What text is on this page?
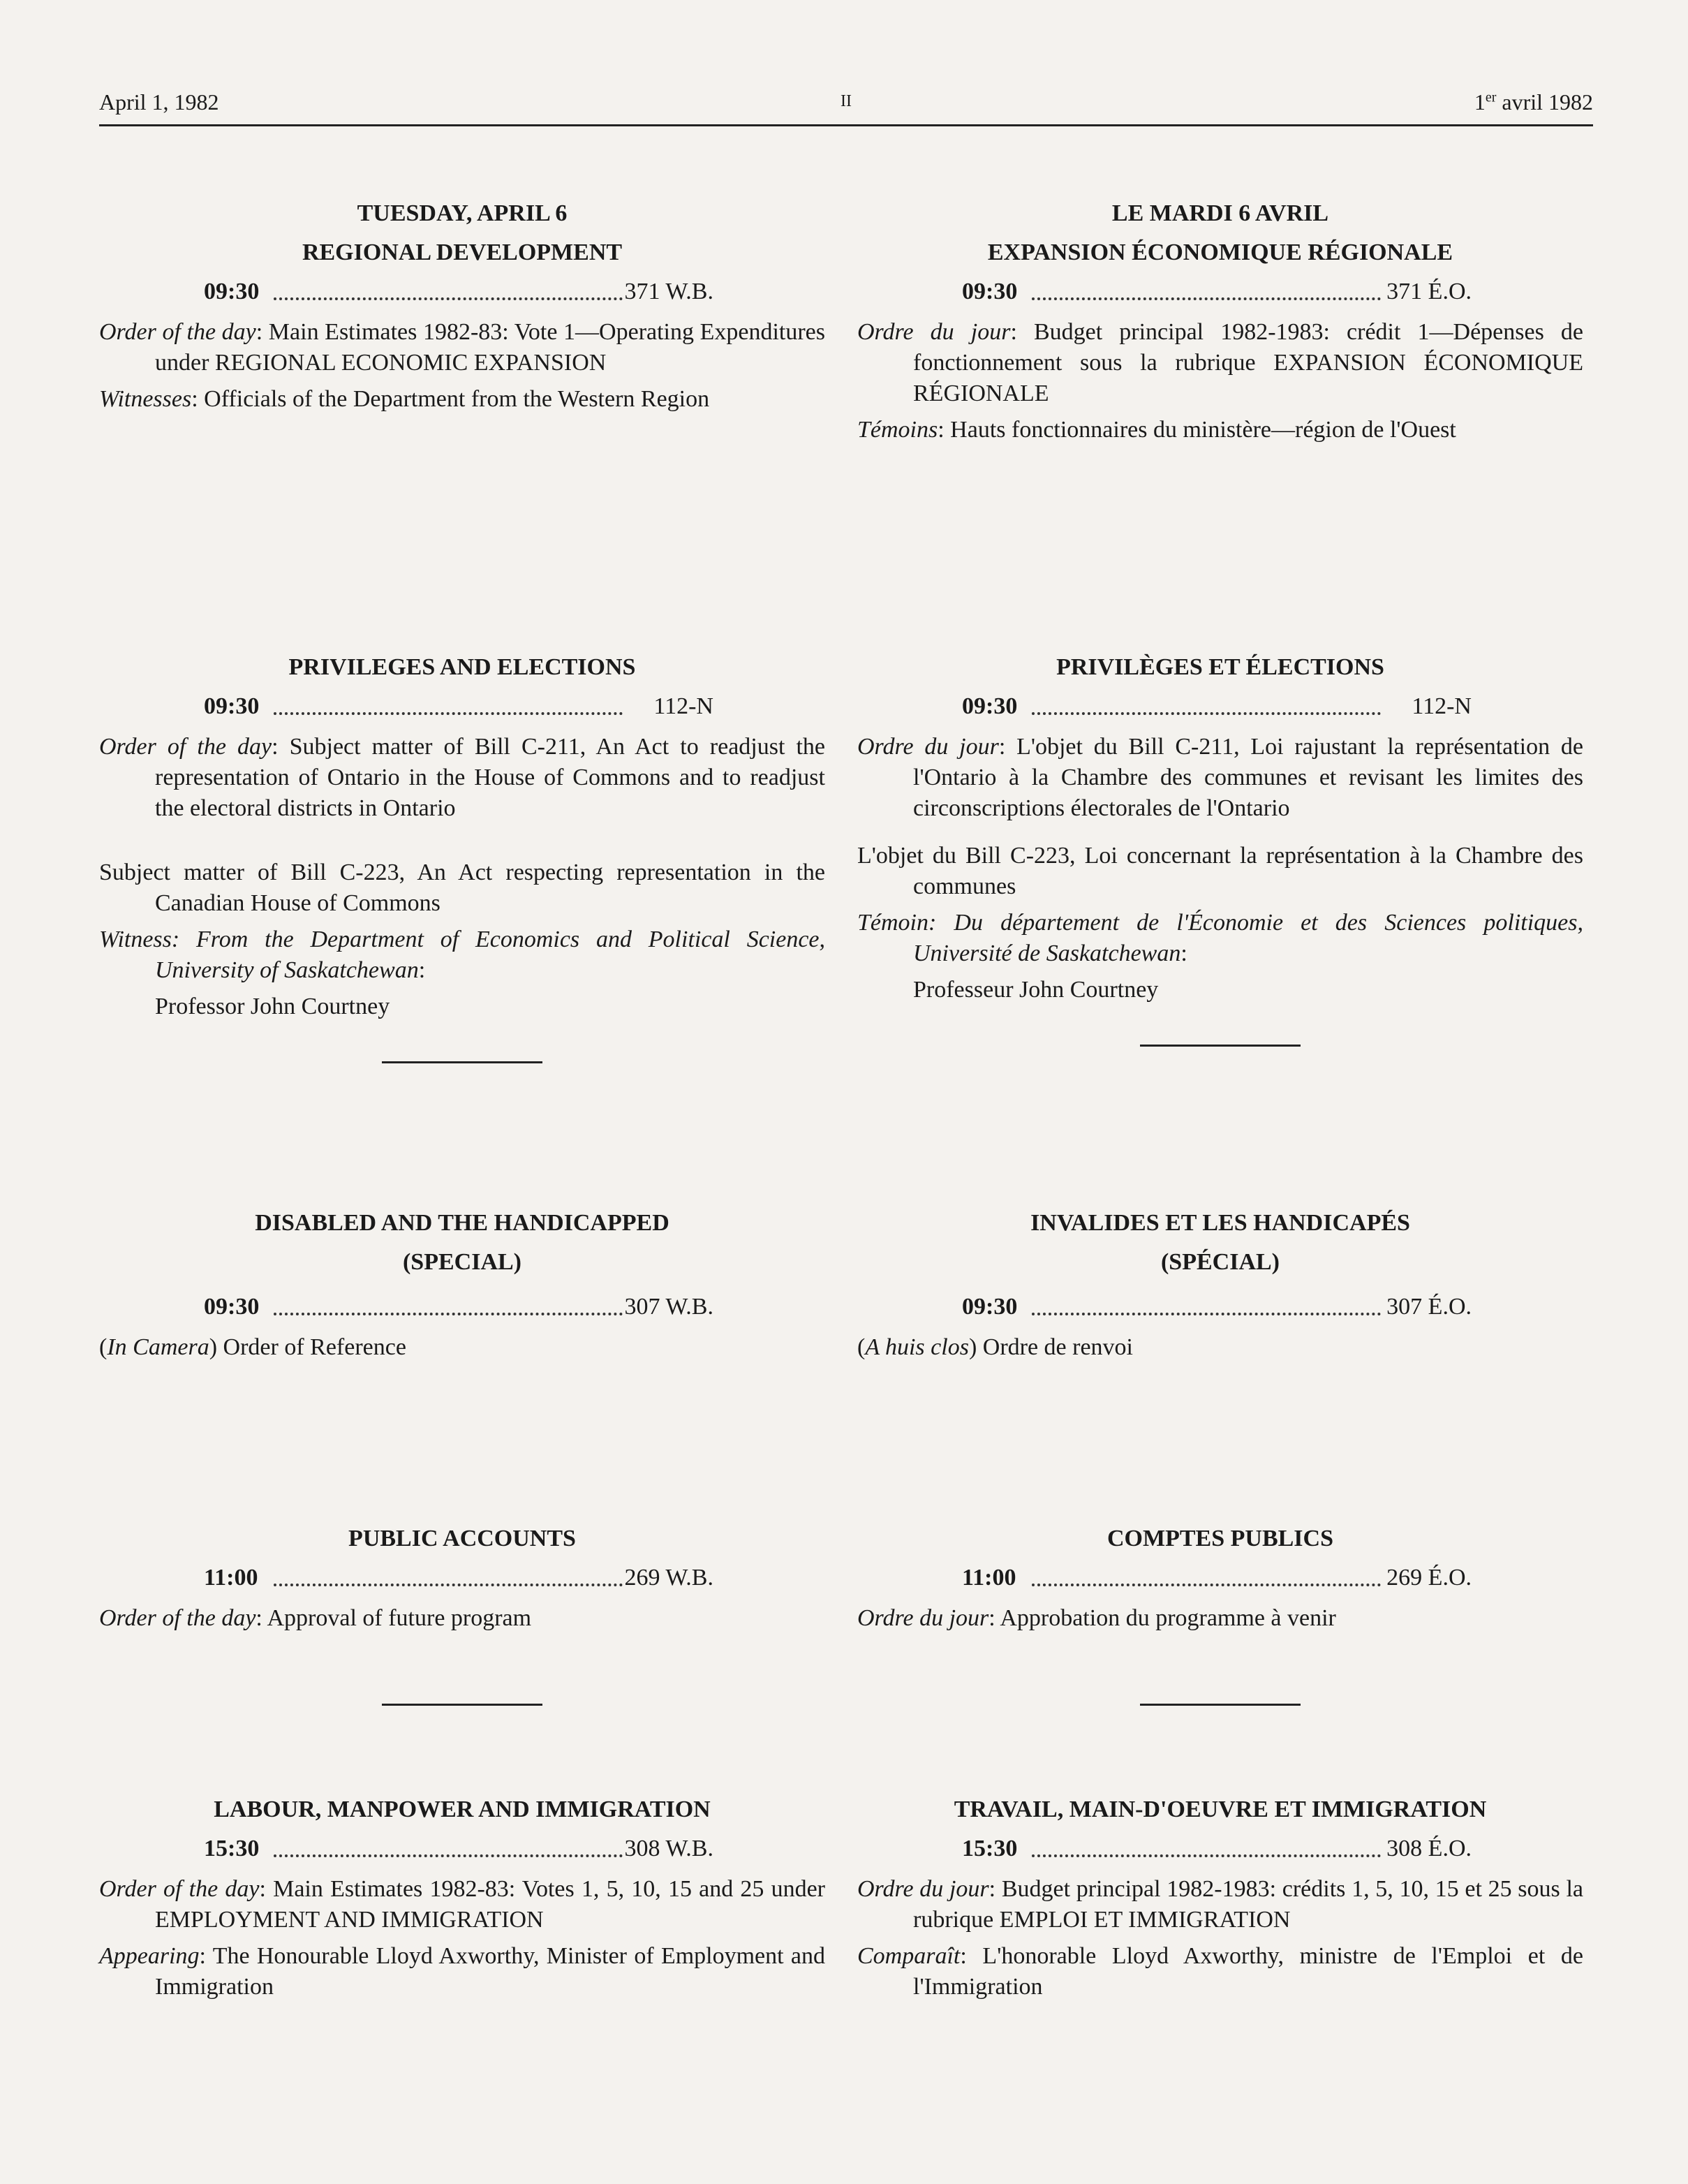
April 1, 1982	II	1er avril 1982
TUESDAY, APRIL 6
REGIONAL DEVELOPMENT
09:30	371 W.B.
Order of the day: Main Estimates 1982-83: Vote 1—Operating Expenditures under REGIONAL ECONOMIC EXPANSION
Witnesses: Officials of the Department from the Western Region
PRIVILEGES AND ELECTIONS
09:30	112-N
Order of the day: Subject matter of Bill C-211, An Act to readjust the representation of Ontario in the House of Commons and to readjust the electoral districts in Ontario
Subject matter of Bill C-223, An Act respecting representation in the Canadian House of Commons
Witness: From the Department of Economics and Political Science, University of Saskatchewan:
Professor John Courtney
DISABLED AND THE HANDICAPPED
(SPECIAL)
09:30	307 W.B.
(In Camera) Order of Reference
PUBLIC ACCOUNTS
11:00	269 W.B.
Order of the day: Approval of future program
LABOUR, MANPOWER AND IMMIGRATION
15:30	308 W.B.
Order of the day: Main Estimates 1982-83: Votes 1, 5, 10, 15 and 25 under EMPLOYMENT AND IMMIGRATION
Appearing: The Honourable Lloyd Axworthy, Minister of Employment and Immigration
LE MARDI 6 AVRIL
EXPANSION ÉCONOMIQUE RÉGIONALE
09:30	371 É.O.
Ordre du jour: Budget principal 1982-1983: crédit 1—Dépenses de fonctionnement sous la rubrique EXPANSION ÉCONOMIQUE RÉGIONALE
Témoins: Hauts fonctionnaires du ministère—région de l'Ouest
PRIVILÈGES ET ÉLECTIONS
09:30	112-N
Ordre du jour: L'objet du Bill C-211, Loi rajustant la représentation de l'Ontario à la Chambre des communes et revisant les limites des circonscriptions électorales de l'Ontario
L'objet du Bill C-223, Loi concernant la représentation à la Chambre des communes
Témoin: Du département de l'Économie et des Sciences politiques, Université de Saskatchewan:
Professeur John Courtney
INVALIDES ET LES HANDICAPÉS
(SPÉCIAL)
09:30	307 É.O.
(A huis clos) Ordre de renvoi
COMPTES PUBLICS
11:00	269 É.O.
Ordre du jour: Approbation du programme à venir
TRAVAIL, MAIN-D'OEUVRE ET IMMIGRATION
15:30	308 É.O.
Ordre du jour: Budget principal 1982-1983: crédits 1, 5, 10, 15 et 25 sous la rubrique EMPLOI ET IMMIGRATION
Comparaît: L'honorable Lloyd Axworthy, ministre de l'Emploi et de l'Immigration
